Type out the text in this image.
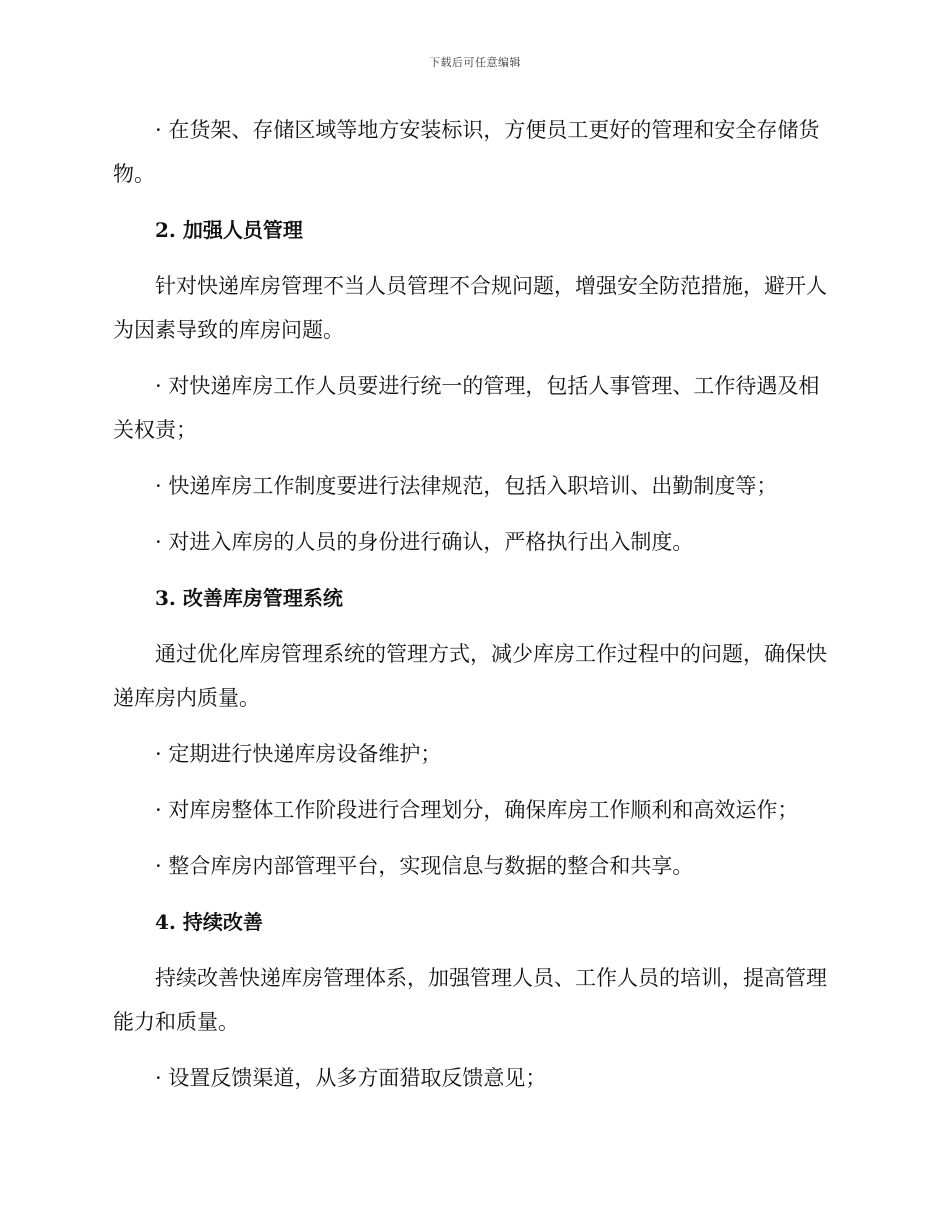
下载后可任意编辑

· 在货架、存储区域等地方安装标识，方便员工更好的管理和安全存储货物。

2. 加强人员管理

针对快递库房管理不当人员管理不合规问题，增强安全防范措施，避开人为因素导致的库房问题。

· 对快递库房工作人员要进行统一的管理，包括人事管理、工作待遇及相关权责；

· 快递库房工作制度要进行法律规范，包括入职培训、出勤制度等；

· 对进入库房的人员的身份进行确认，严格执行出入制度。

3. 改善库房管理系统

通过优化库房管理系统的管理方式，减少库房工作过程中的问题，确保快递库房内质量。

· 定期进行快递库房设备维护；

· 对库房整体工作阶段进行合理划分，确保库房工作顺利和高效运作；

· 整合库房内部管理平台，实现信息与数据的整合和共享。

4. 持续改善

持续改善快递库房管理体系，加强管理人员、工作人员的培训，提高管理能力和质量。

· 设置反馈渠道，从多方面猎取反馈意见；
